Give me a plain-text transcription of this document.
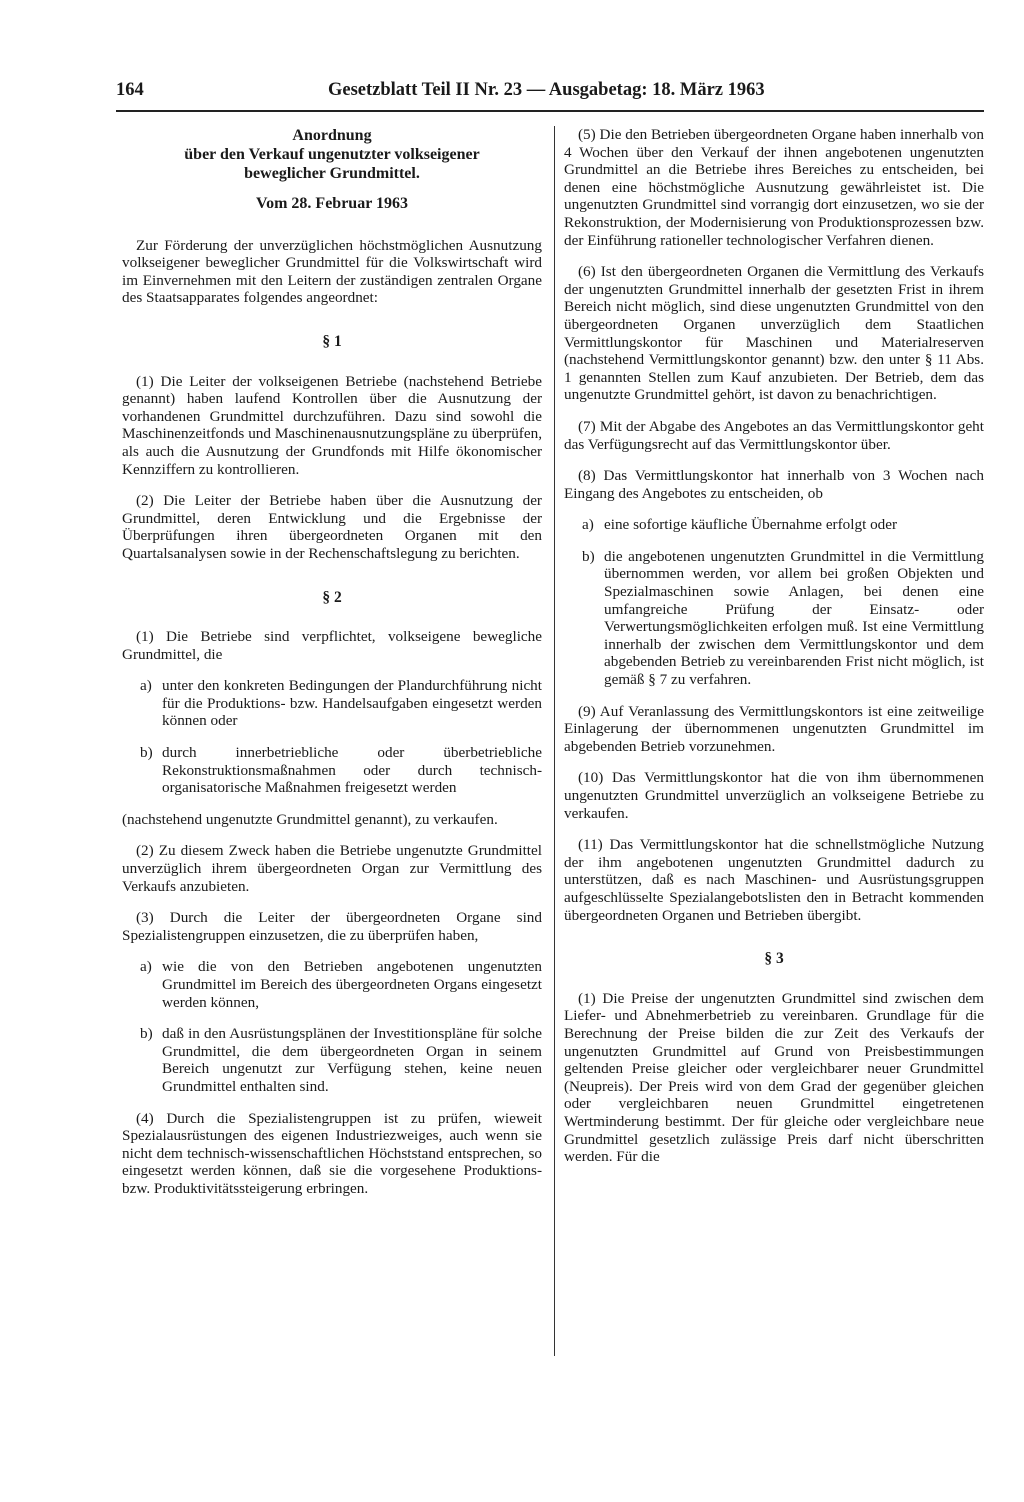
164	Gesetzblatt Teil II Nr. 23 — Ausgabetag: 18. März 1963
Anordnung
über den Verkauf ungenutzter volkseigener
beweglicher Grundmittel.
Vom 28. Februar 1963

Zur Förderung der unverzüglichen höchstmöglichen Ausnutzung volkseigener beweglicher Grundmittel für die Volkswirtschaft wird im Einvernehmen mit den Leitern der zuständigen zentralen Organe des Staatsapparates folgendes angeordnet:

§ 1

(1) Die Leiter der volkseigenen Betriebe (nachstehend Betriebe genannt) haben laufend Kontrollen über die Ausnutzung der vorhandenen Grundmittel durchzuführen. Dazu sind sowohl die Maschinenzeitfonds und Maschinenausnutzungspläne zu überprüfen, als auch die Ausnutzung der Grundfonds mit Hilfe ökonomischer Kennziffern zu kontrollieren.

(2) Die Leiter der Betriebe haben über die Ausnutzung der Grundmittel, deren Entwicklung und die Ergebnisse der Überprüfungen ihren übergeordneten Organen mit den Quartalsanalysen sowie in der Rechenschaftslegung zu berichten.

§ 2

(1) Die Betriebe sind verpflichtet, volkseigene bewegliche Grundmittel, die

a) unter den konkreten Bedingungen der Plandurchführung nicht für die Produktions- bzw. Handelsaufgaben eingesetzt werden können oder
b) durch innerbetriebliche oder überbetriebliche Rekonstruktionsmaßnahmen oder durch technisch-organisatorische Maßnahmen freigesetzt werden

(nachstehend ungenutzte Grundmittel genannt), zu verkaufen.

(2) Zu diesem Zweck haben die Betriebe ungenutzte Grundmittel unverzüglich ihrem übergeordneten Organ zur Vermittlung des Verkaufs anzubieten.

(3) Durch die Leiter der übergeordneten Organe sind Spezialistengruppen einzusetzen, die zu überprüfen haben,

a) wie die von den Betrieben angebotenen ungenutzten Grundmittel im Bereich des übergeordneten Organs eingesetzt werden können,
b) daß in den Ausrüstungsplänen der Investitionspläne für solche Grundmittel, die dem übergeordneten Organ in seinem Bereich ungenutzt zur Verfügung stehen, keine neuen Grundmittel enthalten sind.

(4) Durch die Spezialistengruppen ist zu prüfen, wieweit Spezialausrüstungen des eigenen Industriezweiges, auch wenn sie nicht dem technisch-wissenschaftlichen Höchststand entsprechen, so eingesetzt werden können, daß sie die vorgesehene Produktions- bzw. Produktivitätssteigerung erbringen.

(5) Die den Betrieben übergeordneten Organe haben innerhalb von 4 Wochen über den Verkauf der ihnen angebotenen ungenutzten Grundmittel an die Betriebe ihres Bereiches zu entscheiden, bei denen eine höchstmögliche Ausnutzung gewährleistet ist. Die ungenutzten Grundmittel sind vorrangig dort einzusetzen, wo sie der Rekonstruktion, der Modernisierung von Produktionsprozessen bzw. der Einführung rationeller technologischer Verfahren dienen.

(6) Ist den übergeordneten Organen die Vermittlung des Verkaufs der ungenutzten Grundmittel innerhalb der gesetzten Frist in ihrem Bereich nicht möglich, sind diese ungenutzten Grundmittel von den übergeordneten Organen unverzüglich dem Staatlichen Vermittlungskontor für Maschinen und Materialreserven (nachstehend Vermittlungskontor genannt) bzw. den unter § 11 Abs. 1 genannten Stellen zum Kauf anzubieten. Der Betrieb, dem das ungenutzte Grundmittel gehört, ist davon zu benachrichtigen.

(7) Mit der Abgabe des Angebotes an das Vermittlungskontor geht das Verfügungsrecht auf das Vermittlungskontor über.

(8) Das Vermittlungskontor hat innerhalb von 3 Wochen nach Eingang des Angebotes zu entscheiden, ob

a) eine sofortige käufliche Übernahme erfolgt oder
b) die angebotenen ungenutzten Grundmittel in die Vermittlung übernommen werden, vor allem bei großen Objekten und Spezialmaschinen sowie Anlagen, bei denen eine umfangreiche Prüfung der Einsatz- oder Verwertungsmöglichkeiten erfolgen muß. Ist eine Vermittlung innerhalb der zwischen dem Vermittlungskontor und dem abgebenden Betrieb zu vereinbarenden Frist nicht möglich, ist gemäß § 7 zu verfahren.

(9) Auf Veranlassung des Vermittlungskontors ist eine zeitweilige Einlagerung der übernommenen ungenutzten Grundmittel im abgebenden Betrieb vorzunehmen.

(10) Das Vermittlungskontor hat die von ihm übernommenen ungenutzten Grundmittel unverzüglich an volkseigene Betriebe zu verkaufen.

(11) Das Vermittlungskontor hat die schnellstmögliche Nutzung der ihm angebotenen ungenutzten Grundmittel dadurch zu unterstützen, daß es nach Maschinen- und Ausrüstungsgruppen aufgeschlüsselte Spezialangebotslisten den in Betracht kommenden übergeordneten Organen und Betrieben übergibt.

§ 3

(1) Die Preise der ungenutzten Grundmittel sind zwischen dem Liefer- und Abnehmerbetrieb zu vereinbaren. Grundlage für die Berechnung der Preise bilden die zur Zeit des Verkaufs der ungenutzten Grundmittel auf Grund von Preisbestimmungen geltenden Preise gleicher oder vergleichbarer neuer Grundmittel (Neupreis). Der Preis wird von dem Grad der gegenüber gleichen oder vergleichbaren neuen Grundmittel eingetretenen Wertminderung bestimmt. Der für gleiche oder vergleichbare neue Grundmittel gesetzlich zulässige Preis darf nicht überschritten werden. Für die
